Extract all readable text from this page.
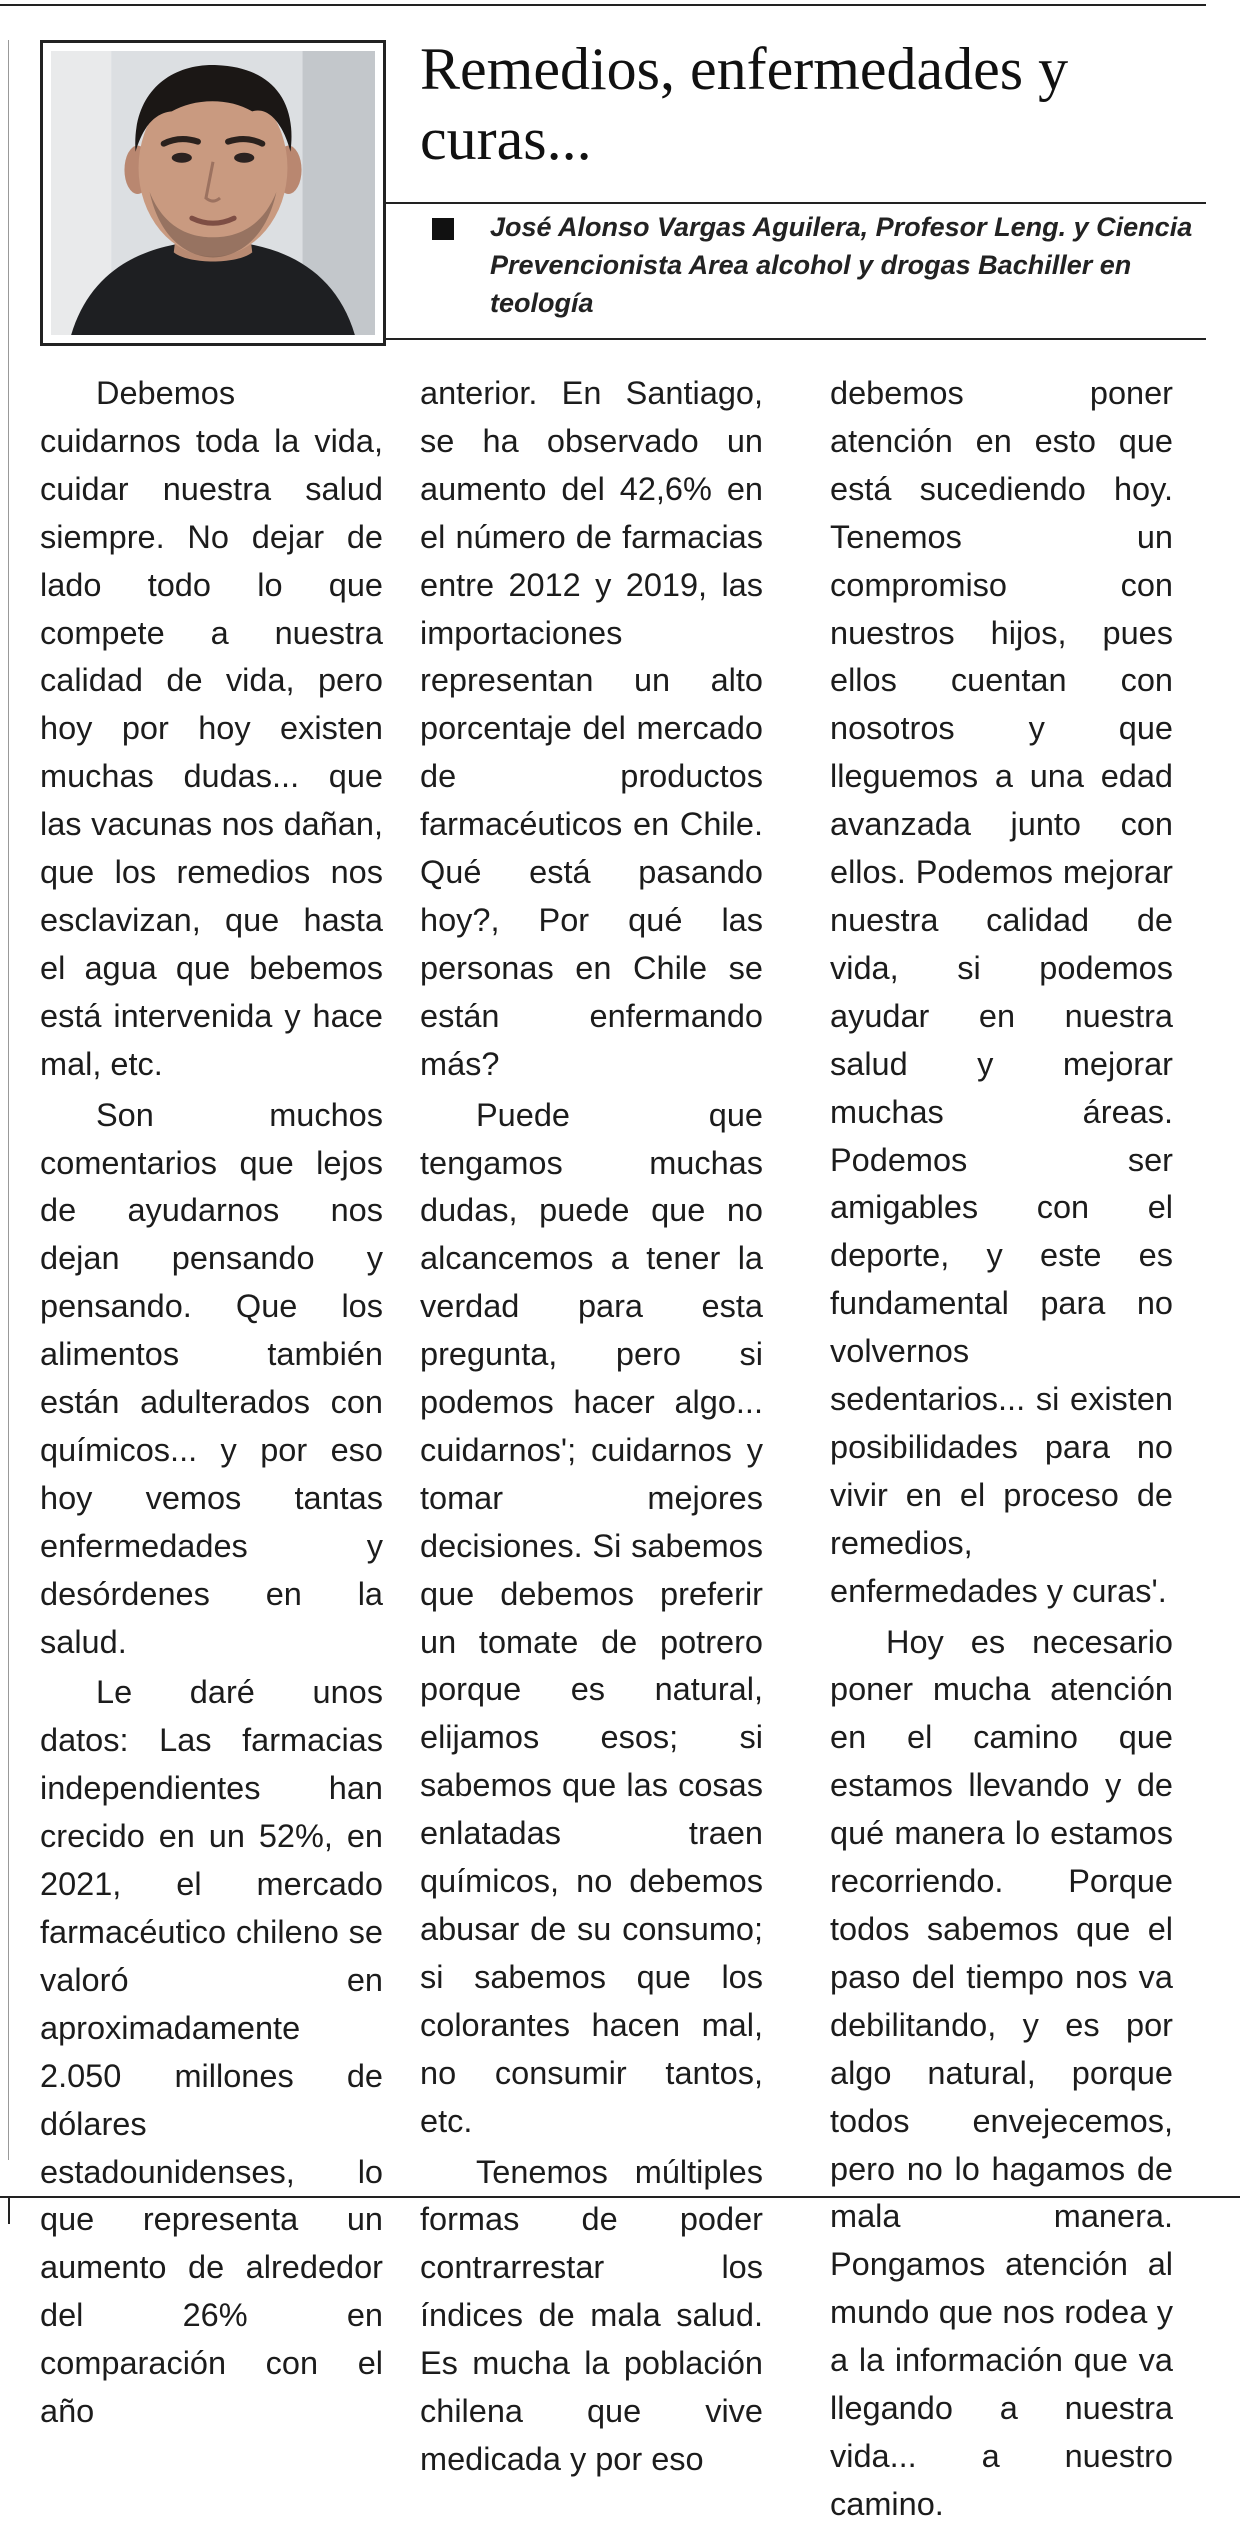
Remedios, enfermedades y curas...

José Alonso Vargas Aguilera, Profesor Leng. y Ciencia Prevencionista Area alcohol y drogas Bachiller en teología

Debemos cuidarnos toda la vida, cuidar nuestra salud siempre. No dejar de lado todo lo que compete a nuestra calidad de vida, pero hoy por hoy existen muchas dudas... que las vacunas nos dañan, que los remedios nos esclavizan, que hasta el agua que bebemos está intervenida y hace mal, etc.

Son muchos comentarios que lejos de ayudarnos nos dejan pensando y pensando. Que los alimentos también están adulterados con químicos... y por eso hoy vemos tantas enfermedades y desórdenes en la salud.

Le daré unos datos: Las farmacias independientes han crecido en un 52%, en 2021, el mercado farmacéutico chileno se valoró en aproximadamente 2.050 millones de dólares estadounidenses, lo que representa un aumento de alrededor del 26% en comparación con el año

anterior. En Santiago, se ha observado un aumento del 42,6% en el número de farmacias entre 2012 y 2019, las importaciones representan un alto porcentaje del mercado de productos farmacéuticos en Chile. Qué está pasando hoy?, Por qué las personas en Chile se están enfermando más?

Puede que tengamos muchas dudas, puede que no alcancemos a tener la verdad para esta pregunta, pero si podemos hacer algo... cuidarnos'; cuidarnos y tomar mejores decisiones. Si sabemos que debemos preferir un tomate de potrero porque es natural, elijamos esos; si sabemos que las cosas enlatadas traen químicos, no debemos abusar de su consumo; si sabemos que los colorantes hacen mal, no consumir tantos, etc.

Tenemos múltiples formas de poder contrarrestar los índices de mala salud. Es mucha la población chilena que vive medicada y por eso

debemos poner atención en esto que está sucediendo hoy. Tenemos un compromiso con nuestros hijos, pues ellos cuentan con nosotros y que lleguemos a una edad avanzada junto con ellos. Podemos mejorar nuestra calidad de vida, si podemos ayudar en nuestra salud y mejorar muchas áreas. Podemos ser amigables con el deporte, y este es fundamental para no volvernos sedentarios... si existen posibilidades para no vivir en el proceso de remedios, enfermedades y curas'.

Hoy es necesario poner mucha atención en el camino que estamos llevando y de qué manera lo estamos recorriendo. Porque todos sabemos que el paso del tiempo nos va debilitando, y es por algo natural, porque todos envejecemos, pero no lo hagamos de mala manera. Pongamos atención al mundo que nos rodea y a la información que va llegando a nuestra vida... a nuestro camino.
